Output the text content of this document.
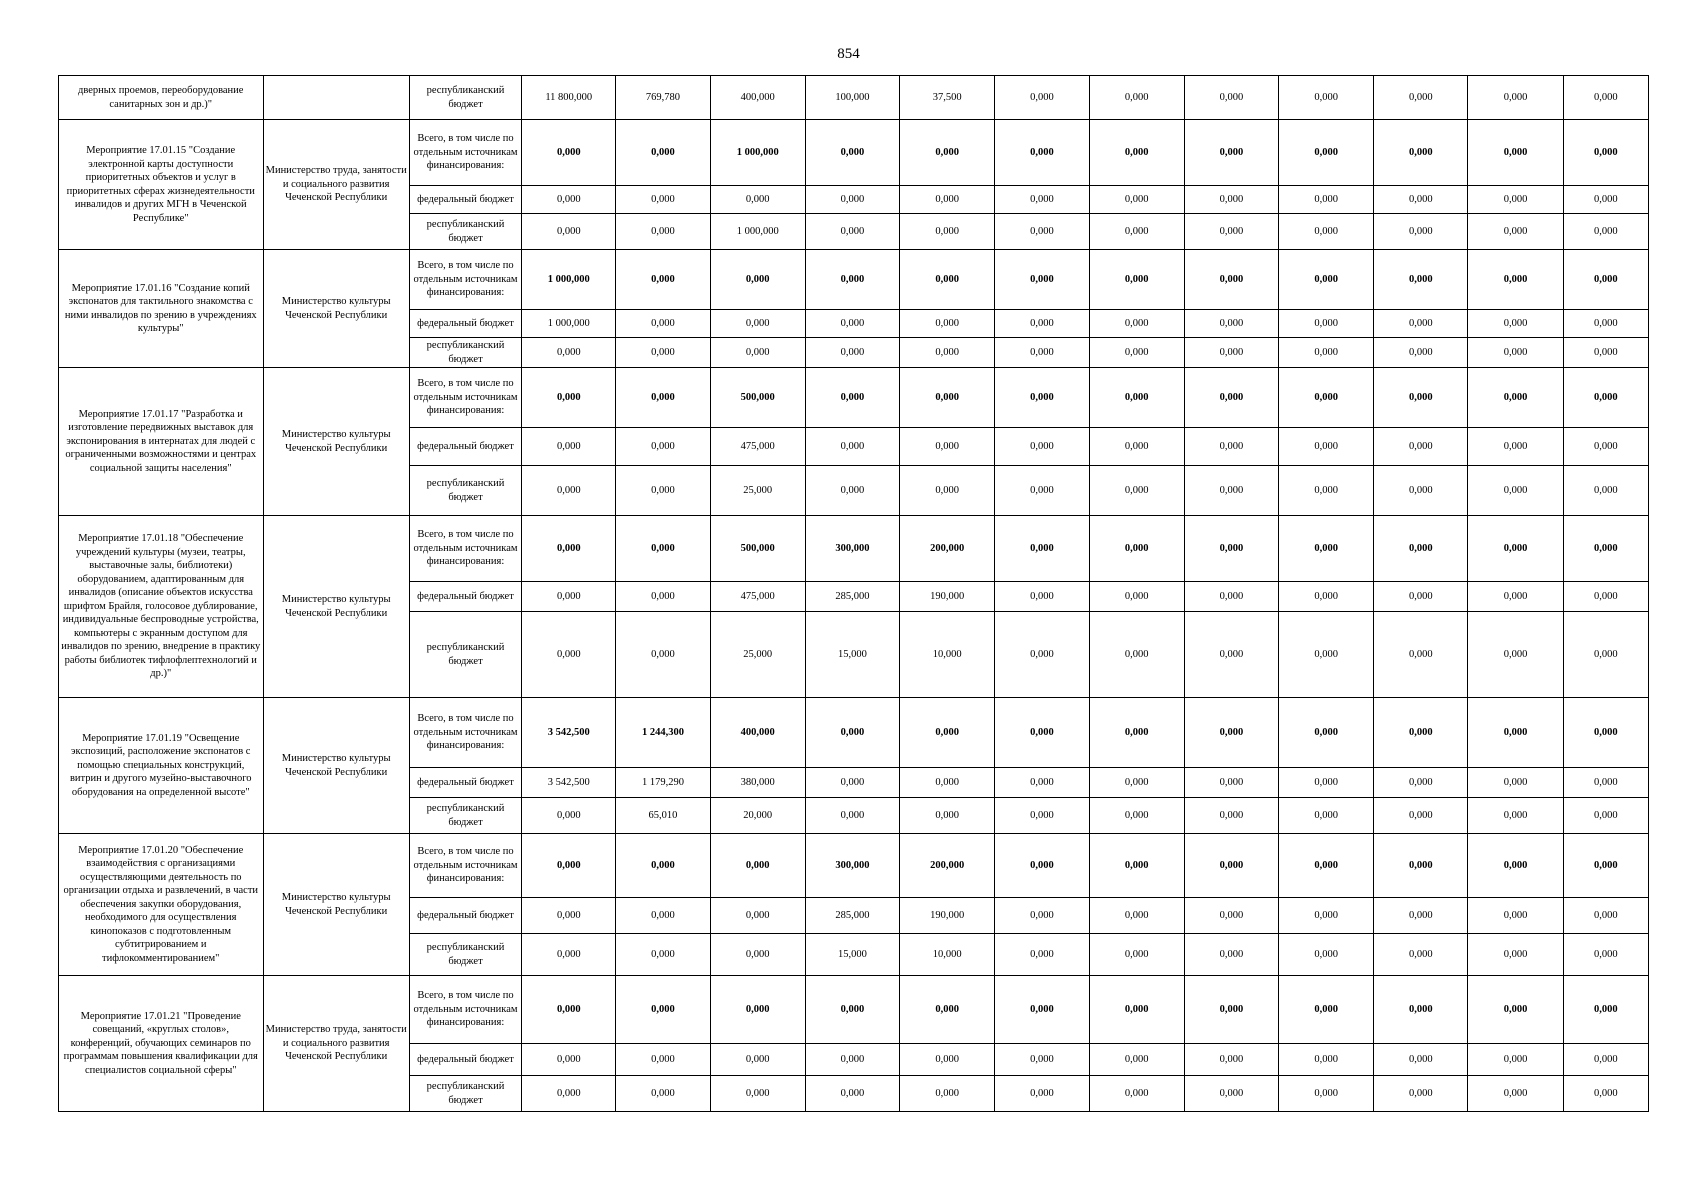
854
дверных проемов, переоборудование санитарных зон и др.)"		республиканский бюджет	11 800,000	769,780	400,000	100,000	37,500	0,000	0,000	0,000	0,000	0,000	0,000	0,000
Мероприятие 17.01.15 "Создание электронной карты доступности приоритетных объектов и услуг в приоритетных сферах жизнедеятельности инвалидов и других МГН в Чеченской Республике"	Министерство труда, занятости и социального развития Чеченской Республики	Всего, в том числе по отдельным источникам финансирования:	0,000	0,000	1 000,000	0,000	0,000	0,000	0,000	0,000	0,000	0,000	0,000	0,000
		федеральный бюджет	0,000	0,000	0,000	0,000	0,000	0,000	0,000	0,000	0,000	0,000	0,000	0,000
		республиканский бюджет	0,000	0,000	1 000,000	0,000	0,000	0,000	0,000	0,000	0,000	0,000	0,000	0,000
Мероприятие 17.01.16 "Создание копий экспонатов для тактильного знакомства с ними инвалидов по зрению в учреждениях культуры"	Министерство культуры Чеченской Республики	Всего, в том числе по отдельным источникам финансирования:	1 000,000	0,000	0,000	0,000	0,000	0,000	0,000	0,000	0,000	0,000	0,000	0,000
		федеральный бюджет	1 000,000	0,000	0,000	0,000	0,000	0,000	0,000	0,000	0,000	0,000	0,000	0,000
		республиканский бюджет	0,000	0,000	0,000	0,000	0,000	0,000	0,000	0,000	0,000	0,000	0,000	0,000
Мероприятие 17.01.17 "Разработка и изготовление передвижных выставок для экспонирования в интернатах для людей с ограниченными возможностями и центрах социальной защиты населения"	Министерство культуры Чеченской Республики	Всего, в том числе по отдельным источникам финансирования:	0,000	0,000	500,000	0,000	0,000	0,000	0,000	0,000	0,000	0,000	0,000	0,000
		федеральный бюджет	0,000	0,000	475,000	0,000	0,000	0,000	0,000	0,000	0,000	0,000	0,000	0,000
		республиканский бюджет	0,000	0,000	25,000	0,000	0,000	0,000	0,000	0,000	0,000	0,000	0,000	0,000
Мероприятие 17.01.18 "Обеспечение учреждений культуры (музеи, театры, выставочные залы, библиотеки) оборудованием, адаптированным для инвалидов (описание объектов искусства шрифтом Брайля, голосовое дублирование, индивидуальные беспроводные устройства, компьютеры с экранным доступом для инвалидов по зрению, внедрение в практику работы библиотек тифлофлептехнологий и др.)"	Министерство культуры Чеченской Республики	Всего, в том числе по отдельным источникам финансирования:	0,000	0,000	500,000	300,000	200,000	0,000	0,000	0,000	0,000	0,000	0,000	0,000
		федеральный бюджет	0,000	0,000	475,000	285,000	190,000	0,000	0,000	0,000	0,000	0,000	0,000	0,000
		республиканский бюджет	0,000	0,000	25,000	15,000	10,000	0,000	0,000	0,000	0,000	0,000	0,000	0,000
Мероприятие 17.01.19 "Освещение экспозиций, расположение экспонатов с помощью специальных конструкций, витрин и другого музейно-выставочного оборудования на определенной высоте"	Министерство культуры Чеченской Республики	Всего, в том числе по отдельным источникам финансирования:	3 542,500	1 244,300	400,000	0,000	0,000	0,000	0,000	0,000	0,000	0,000	0,000	0,000
		федеральный бюджет	3 542,500	1 179,290	380,000	0,000	0,000	0,000	0,000	0,000	0,000	0,000	0,000	0,000
		республиканский бюджет	0,000	65,010	20,000	0,000	0,000	0,000	0,000	0,000	0,000	0,000	0,000	0,000
Мероприятие 17.01.20 "Обеспечение взаимодействия с организациями осуществляющими деятельность по организации отдыха и развлечений, в части обеспечения закупки оборудования, необходимого для осуществления кинопоказов с подготовленным субтитрированием и тифлокомментированием"	Министерство культуры Чеченской Республики	Всего, в том числе по отдельным источникам финансирования:	0,000	0,000	0,000	300,000	200,000	0,000	0,000	0,000	0,000	0,000	0,000	0,000
		федеральный бюджет	0,000	0,000	0,000	285,000	190,000	0,000	0,000	0,000	0,000	0,000	0,000	0,000
		республиканский бюджет	0,000	0,000	0,000	15,000	10,000	0,000	0,000	0,000	0,000	0,000	0,000	0,000
Мероприятие 17.01.21 "Проведение совещаний, «круглых столов», конференций, обучающих семинаров по программам повышения квалификации для специалистов социальной сферы"	Министерство труда, занятости и социального развития Чеченской Республики	Всего, в том числе по отдельным источникам финансирования:	0,000	0,000	0,000	0,000	0,000	0,000	0,000	0,000	0,000	0,000	0,000	0,000
		федеральный бюджет	0,000	0,000	0,000	0,000	0,000	0,000	0,000	0,000	0,000	0,000	0,000	0,000
		республиканский бюджет	0,000	0,000	0,000	0,000	0,000	0,000	0,000	0,000	0,000	0,000	0,000	0,000
